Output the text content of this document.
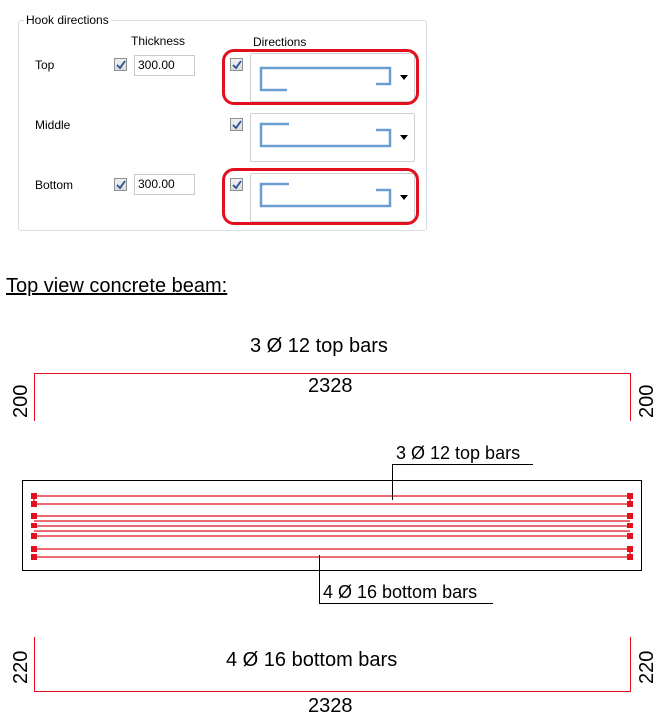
Hook directions
Thickness	Directions
Top	300.00
Middle
Bottom	300.00
Top view concrete beam:
3 Ø 12 top bars
2328
200	200
3 Ø 12 top bars
4 Ø 16 bottom bars
4 Ø 16 bottom bars
2328
220	220
